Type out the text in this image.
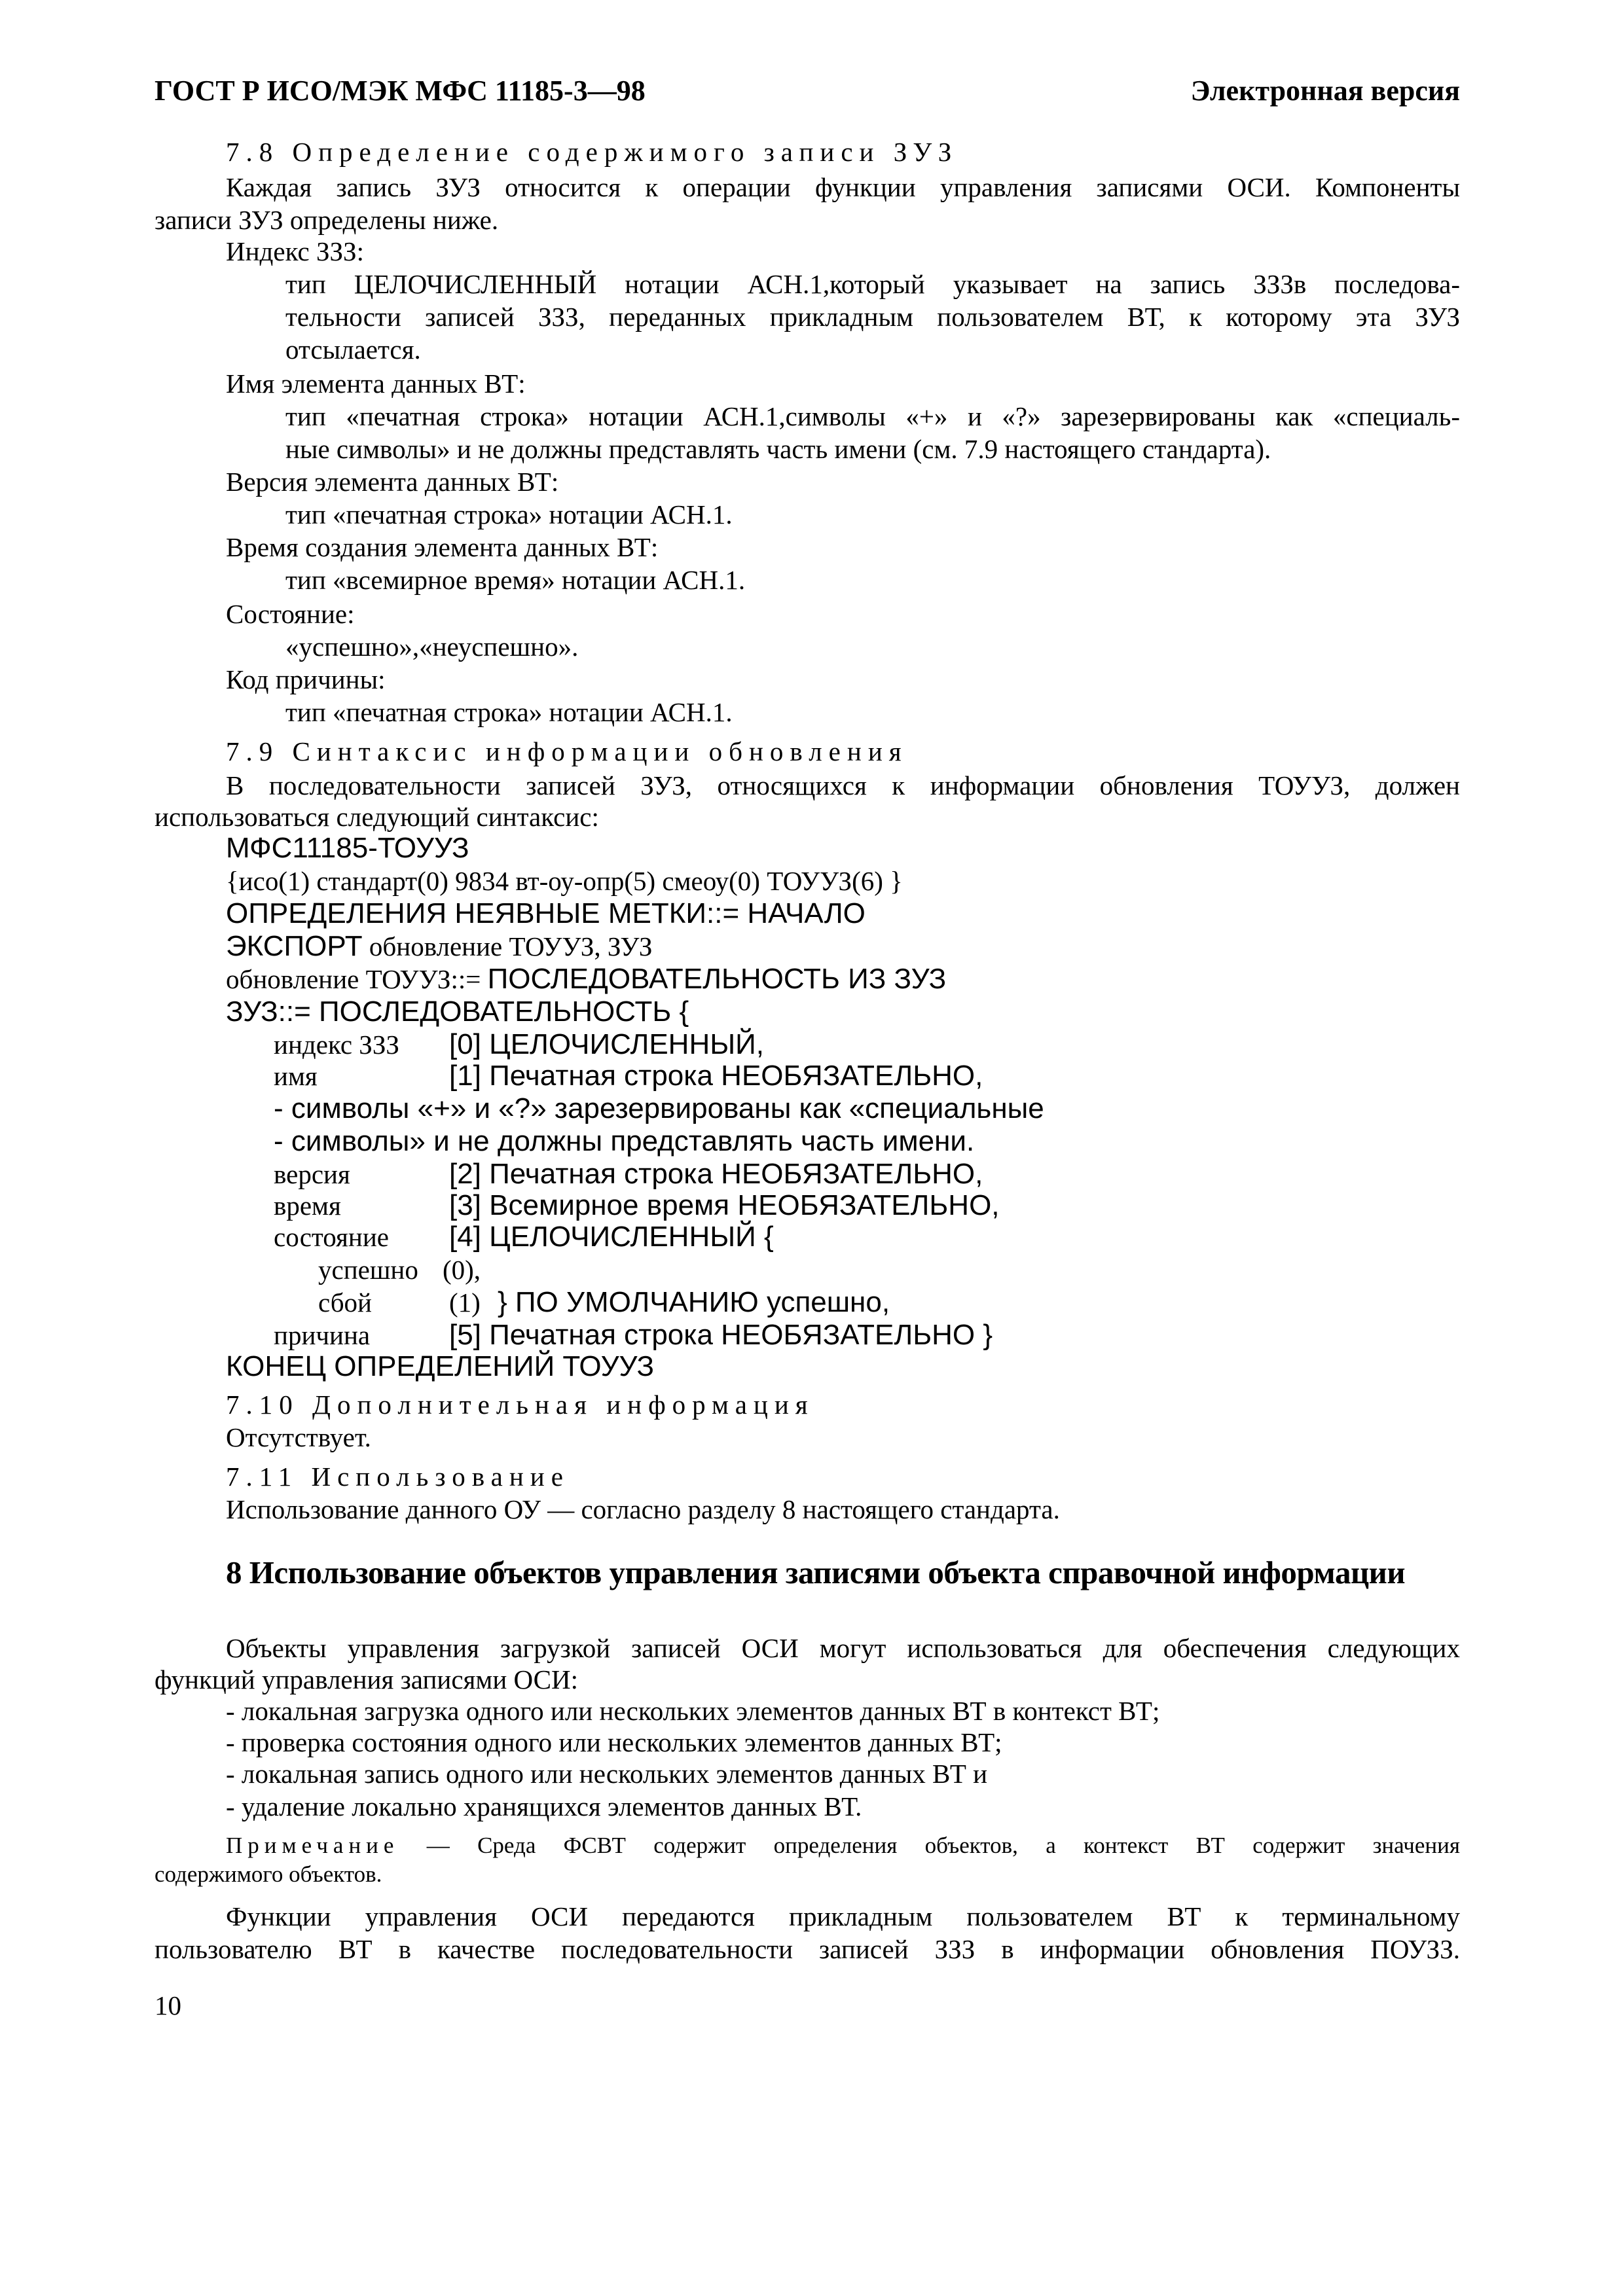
ГОСТ Р ИСО/МЭК МФС 11185-3—98	Электронная версия
7.8 Определение содержимого записи ЗУЗ
Каждая запись ЗУЗ относится к операции функции управления записями ОСИ. Компоненты
записи ЗУЗ определены ниже.
Индекс ЗЗЗ:
тип ЦЕЛОЧИСЛЕННЫЙ нотации АСН.1,который указывает на запись ЗЗЗв последова-
тельности записей ЗЗЗ, переданных прикладным пользователем ВТ, к которому эта ЗУЗ
отсылается.
Имя элемента данных ВТ:
тип «печатная строка» нотации АСН.1,символы «+» и «?» зарезервированы как «специаль-
ные символы» и не должны представлять часть имени (см. 7.9 настоящего стандарта).
Версия элемента данных ВТ:
тип «печатная строка» нотации АСН.1.
Время создания элемента данных ВТ:
тип «всемирное время» нотации АСН.1.
Состояние:
«успешно»,«неуспешно».
Код причины:
тип «печатная строка» нотации АСН.1.
7.9 Синтаксис информации обновления
В последовательности записей ЗУЗ, относящихся к информации обновления ТОУУЗ, должен
использоваться следующий синтаксис:
МФС11185-ТОУУЗ
{исо(1) стандарт(0) 9834 вт-оу-опр(5) смеоу(0) ТОУУЗ(6) }
ОПРЕДЕЛЕНИЯ НЕЯВНЫЕ МЕТКИ::= НАЧАЛО
ЭКСПОРТ обновление ТОУУЗ, ЗУЗ
обновление ТОУУЗ::= ПОСЛЕДОВАТЕЛЬНОСТЬ ИЗ ЗУЗ
ЗУЗ::= ПОСЛЕДОВАТЕЛЬНОСТЬ {
индекс ЗЗЗ [0] ЦЕЛОЧИСЛЕННЫЙ,
имя	[1] Печатная строка НЕОБЯЗАТЕЛЬНО,
- символы «+» и «?» зарезервированы как «специальные
- символы» и не должны представлять часть имени.
версия	[2] Печатная строка НЕОБЯЗАТЕЛЬНО,
время	[3] Всемирное время НЕОБЯЗАТЕЛЬНО,
состояние [4] ЦЕЛОЧИСЛЕННЫЙ {
успешно (0),
сбой	(1) } ПО УМОЛЧАНИЮ успешно,
причина	[5] Печатная строка НЕОБЯЗАТЕЛЬНО }
КОНЕЦ ОПРЕДЕЛЕНИЙ ТОУУЗ
7.10 Дополнительная информация
Отсутствует.
7.11 Использование
Использование данного ОУ — согласно разделу 8 настоящего стандарта.
8 Использование объектов управления записями объекта справочной информации
Объекты управления загрузкой записей ОСИ могут использоваться для обеспечения следующих
функций управления записями ОСИ:
- локальная загрузка одного или нескольких элементов данных ВТ в контекст ВТ;
- проверка состояния одного или нескольких элементов данных ВТ;
- локальная запись одного или нескольких элементов данных ВТ и
- удаление локально хранящихся элементов данных ВТ.
Примечание — Среда ФСВТ содержит определения объектов, а контекст ВТ содержит значения
содержимого объектов.
Функции управления ОСИ передаются прикладным пользователем ВТ к терминальному
пользователю ВТ в качестве последовательности записей ЗЗЗ в информации обновления ПОУЗЗ.
10
